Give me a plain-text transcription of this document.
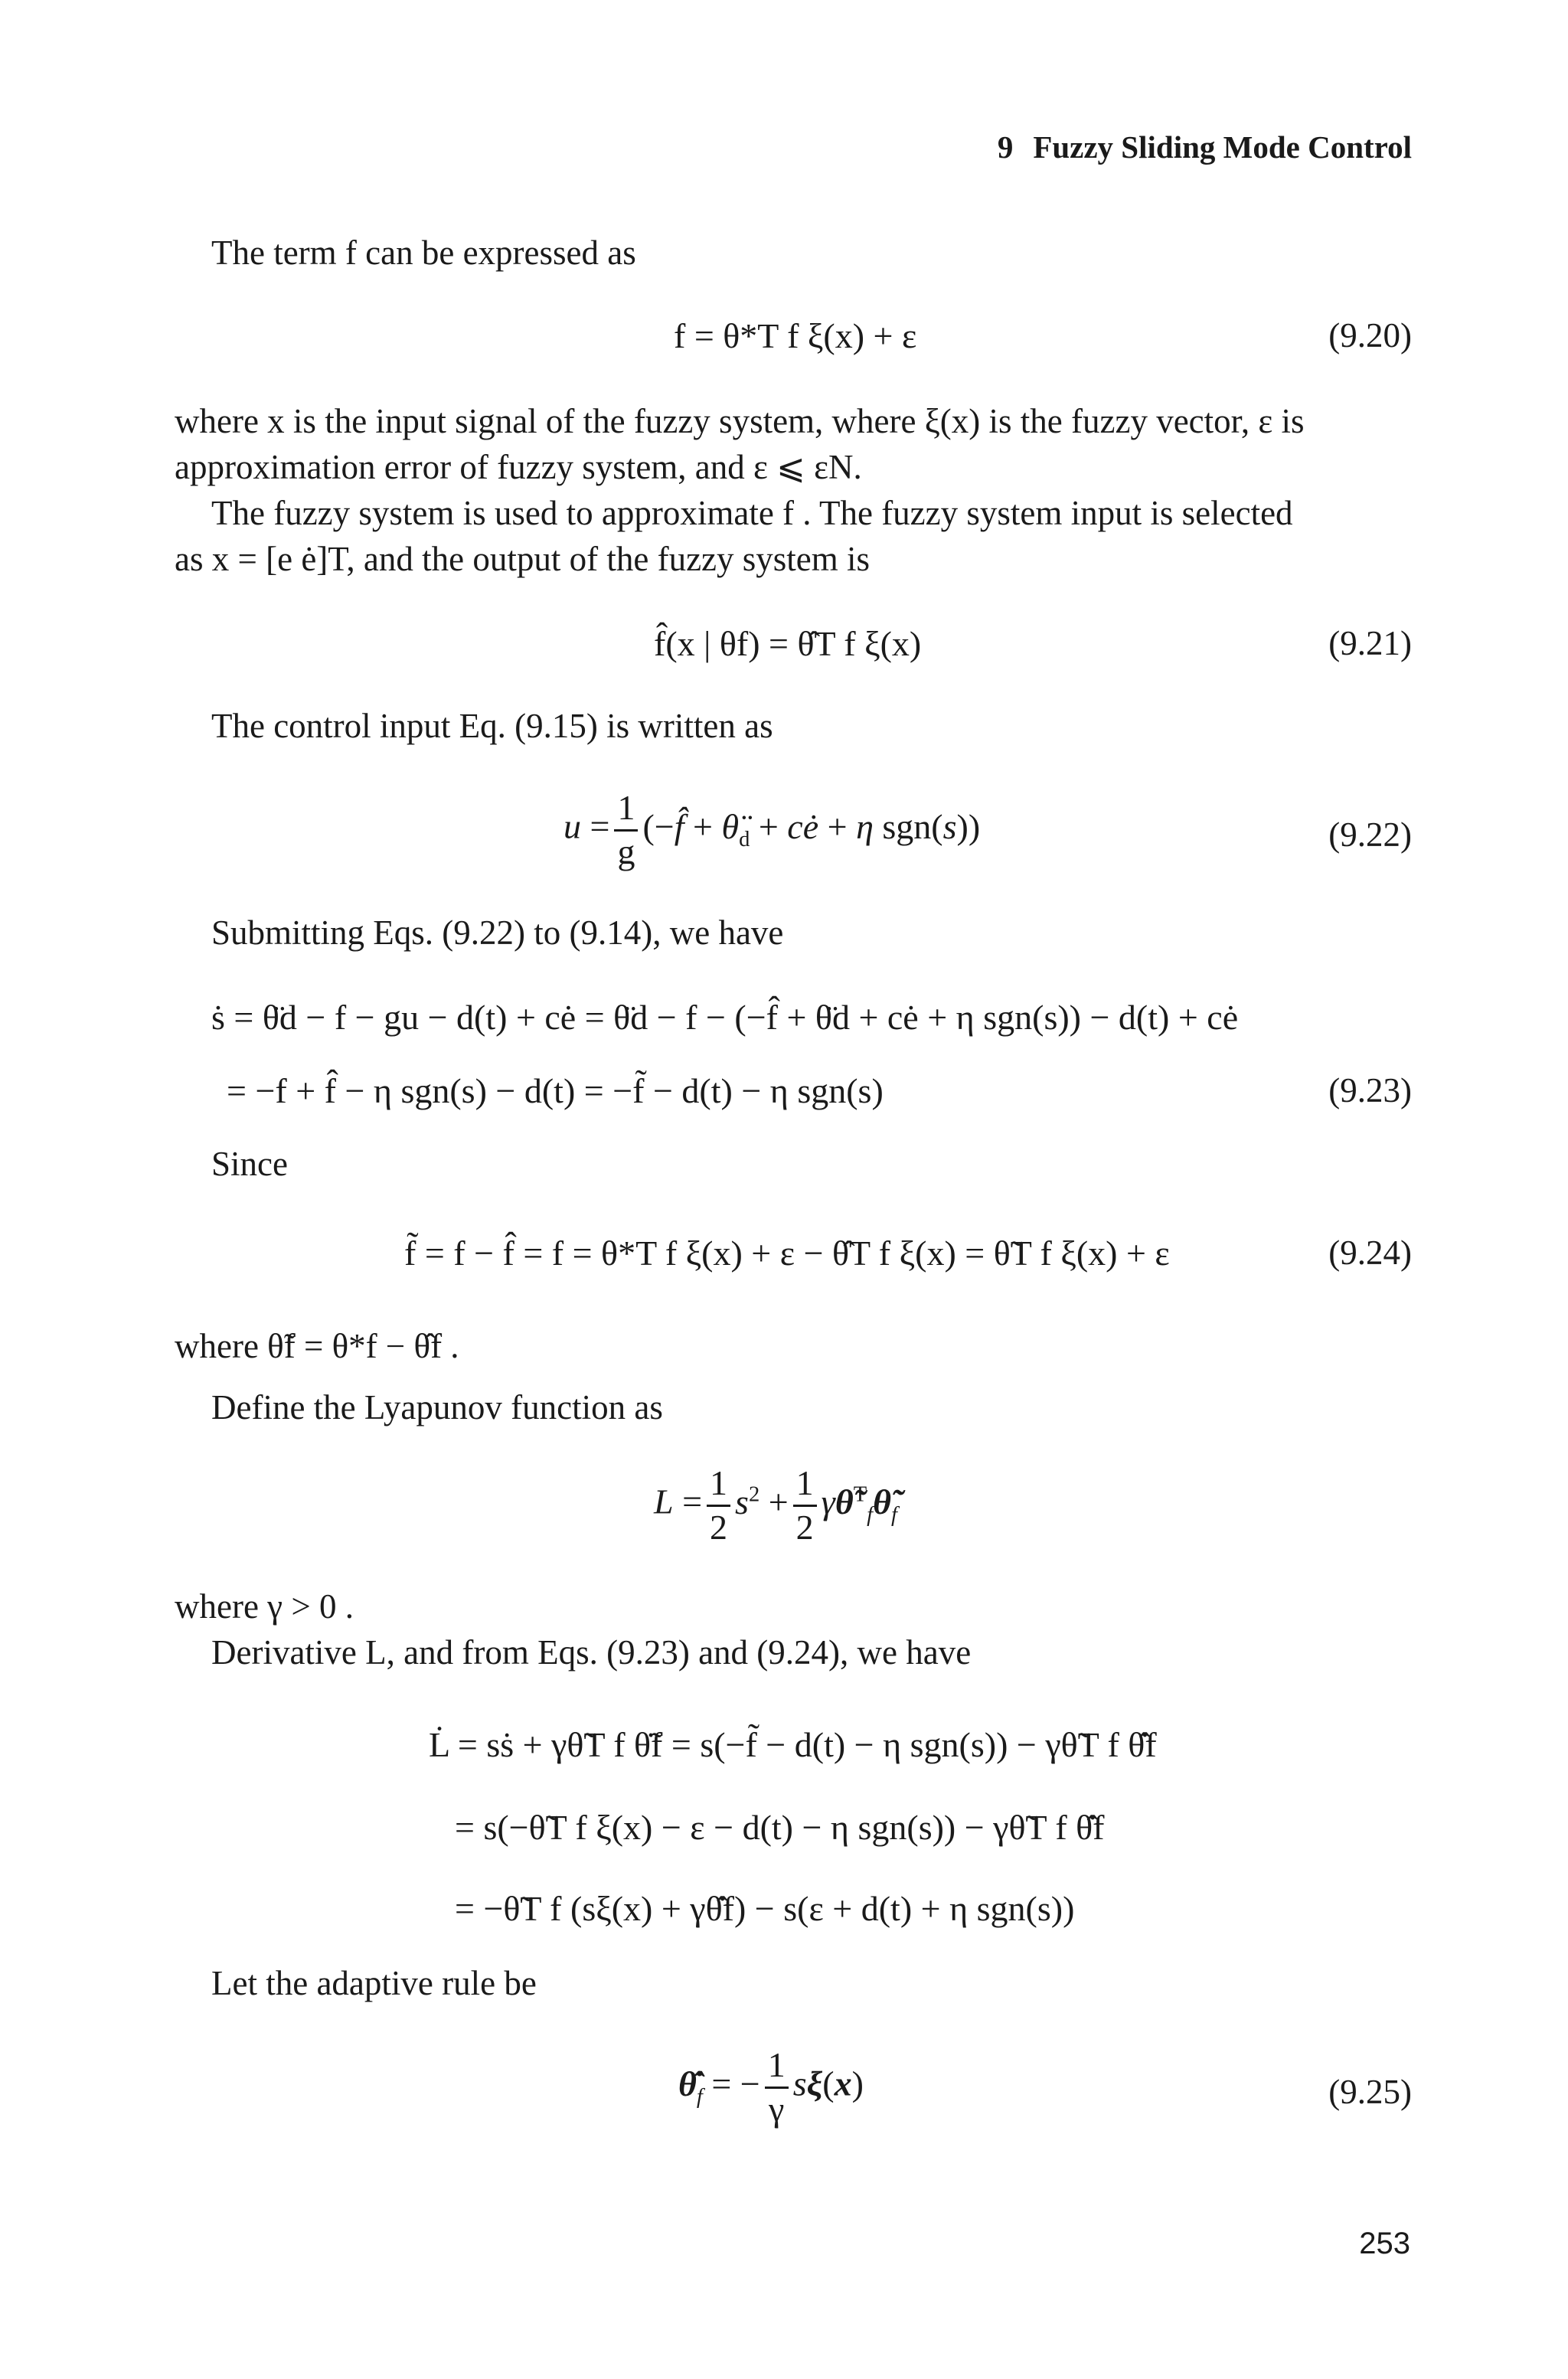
9 Fuzzy Sliding Mode Control
The term f can be expressed as
f = θ*T f ξ(x) + ε	(9.20)
where x is the input signal of the fuzzy system, where ξ(x) is the fuzzy vector, ε is
approximation error of fuzzy system, and ε ⩽ εN.
The fuzzy system is used to approximate f . The fuzzy system input is selected
as x = [e ė]T, and the output of the fuzzy system is
f̂(x | θf) = θ̂T f ξ(x)	(9.21)
The control input Eq. (9.15) is written as
$u = \frac{1}{g}$ (−f̂ + $\thetä_d$ + cė + η sgn(s))	(9.22)
Submitting Eqs. (9.22) to (9.14), we have
ṡ = θ̈d − f − gu − d(t) + cė = θ̈d − f − (−f̂ + θ̈d + cė + η sgn(s)) − d(t) + cė
= −f + f̂ − η sgn(s) − d(t) = −f̃ − d(t) − η sgn(s)	(9.23)
Since
f̃ = f − f̂ = f = θ*T f ξ(x) + ε − θ̂T f ξ(x) = θ̃T f ξ(x) + ε	(9.24)
where θ̃f = θ*f − θ̂f .
Define the Lyapunov function as
$L = \frac{1}{2} s^2 + \frac{1}{2}$ $\gamma\thetã^T_f\thetã_f$
where γ > 0 .
Derivative L, and from Eqs. (9.23) and (9.24), we have
L̇ = sṡ + γθ̃T f θ̃̇f = s(−f̃ − d(t) − η sgn(s)) − γθ̃T f θ̂̇f
= s(−θ̃T f ξ(x) − ε − d(t) − η sgn(s)) − γθ̃T f θ̂̇f
= −θ̃T f (sξ(x) + γθ̂̇f) − s(ε + d(t) + η sgn(s))
Let the adaptive rule be
$\thetâ̇_f$ = − $\frac{1}{\gamma} s\xi(x)$	(9.25)
253
